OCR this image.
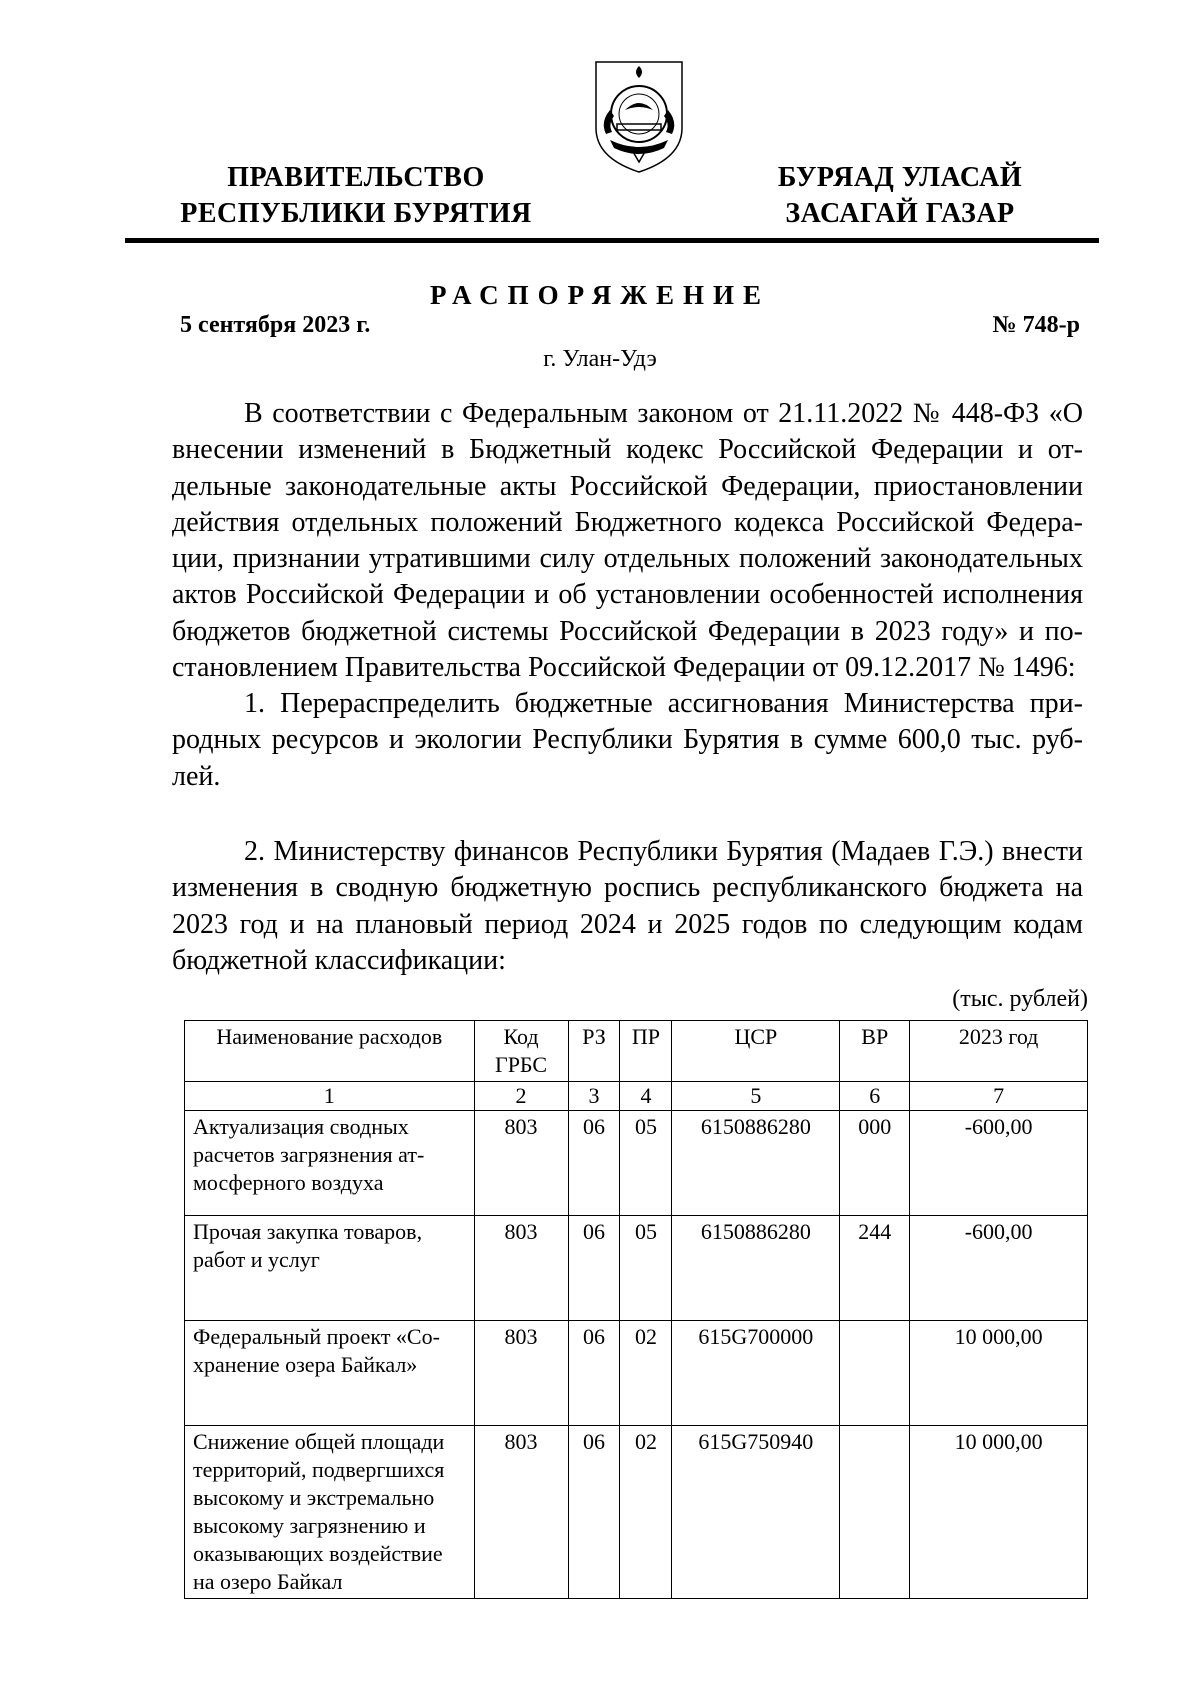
ПРАВИТЕЛЬСТВО
РЕСПУБЛИКИ БУРЯТИЯ
БУРЯАД УЛАСАЙ
ЗАСАГАЙ ГАЗАР
РАСПОРЯЖЕНИЕ
5 сентября 2023 г.	№ 748-р
г. Улан-Удэ

В соответствии с Федеральным законом от 21.11.2022 № 448-ФЗ «О внесении изменений в Бюджетный кодекс Российской Федерации и отдельные законодательные акты Российской Федерации, приостановлении действия отдельных положений Бюджетного кодекса Российской Федерации, признании утратившими силу отдельных положений законодательных актов Российской Федерации и об установлении особенностей исполнения бюджетов бюджетной системы Российской Федерации в 2023 году» и постановлением Правительства Российской Федерации от 09.12.2017 № 1496:

1. Перераспределить бюджетные ассигнования Министерства природных ресурсов и экологии Республики Бурятия в сумме 600,0 тыс. рублей.

2. Министерству финансов Республики Бурятия (Мадаев Г.Э.) внести изменения в сводную бюджетную роспись республиканского бюджета на 2023 год и на плановый период 2024 и 2025 годов по следующим кодам бюджетной классификации:

(тыс. рублей)
Наименование расходов	Код ГРБС	РЗ	ПР	ЦСР	ВР	2023 год
1	2	3	4	5	6	7
Актуализация сводных расчетов загрязнения атмосферного воздуха	803	06	05	6150886280	000	-600,00
Прочая закупка товаров, работ и услуг	803	06	05	6150886280	244	-600,00
Федеральный проект «Сохранение озера Байкал»	803	06	02	615G700000		10 000,00
Снижение общей площади территорий, подвергшихся высокому и экстремально высокому загрязнению и оказывающих воздействие на озеро Байкал	803	06	02	615G750940		10 000,00
